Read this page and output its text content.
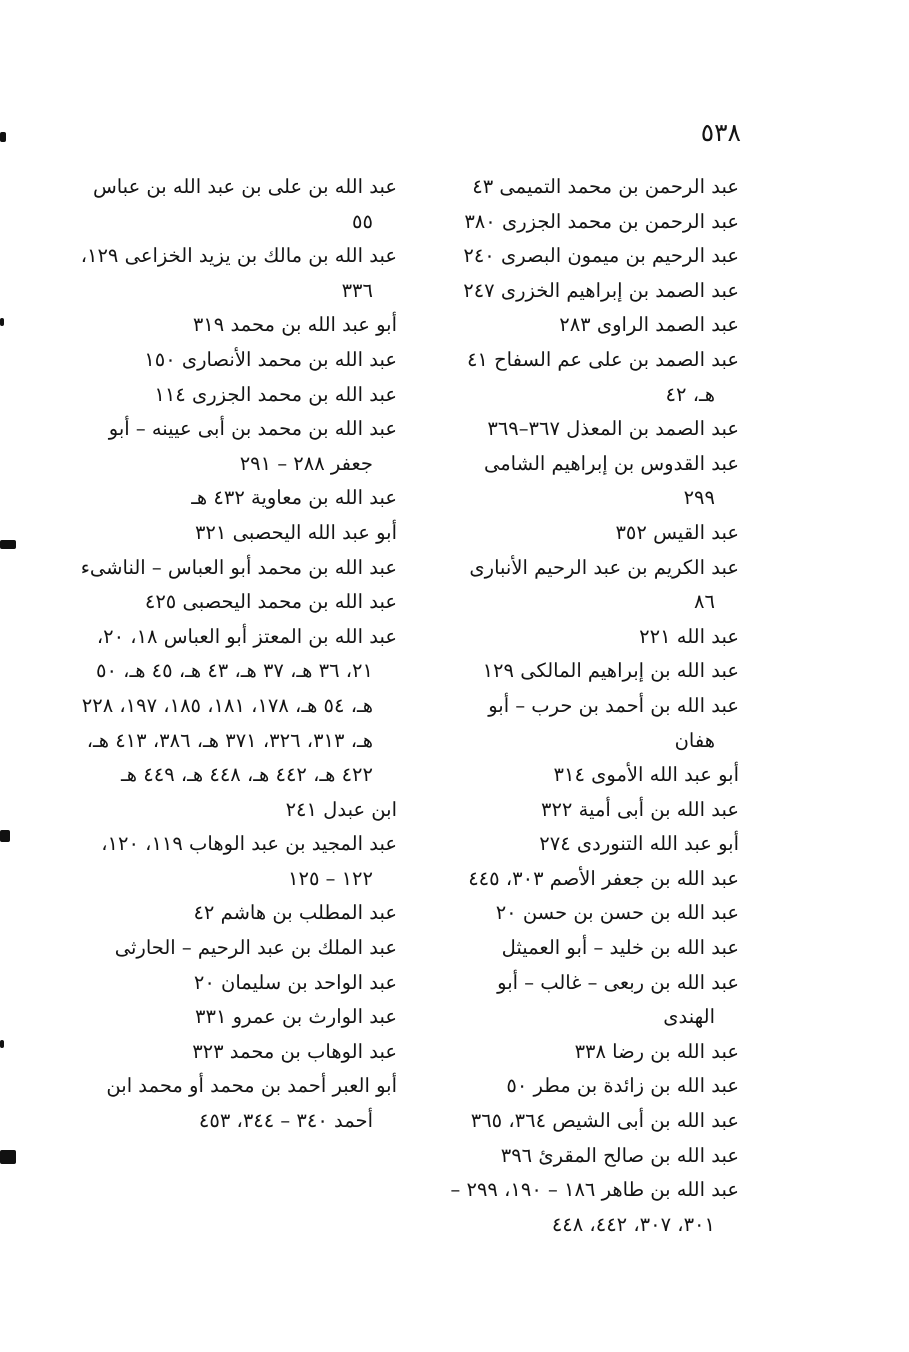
٥٣٨

عبد الرحمن بن محمد التميمى ٤٣

عبد الرحمن بن محمد الجزرى ٣٨٠

عبد الرحيم بن ميمون البصرى ٢٤٠

عبد الصمد بن إبراهيم الخزرى ٢٤٧

عبد الصمد الراوى ٢٨٣

عبد الصمد بن على عم السفاح ٤١ هـ، ٤٢

عبد الصمد بن المعذل ٣٦٧–٣٦٩

عبد القدوس بن إبراهيم الشامى ٢٩٩

عبد القيس ٣٥٢

عبد الكريم بن عبد الرحيم الأنبارى ٨٦

عبد الله ٢٢١

عبد الله بن إبراهيم المالكى ١٢٩

عبد الله بن أحمد بن حرب – أبو هفان

أبو عبد الله الأموى ٣١٤

عبد الله بن أبى أمية ٣٢٢

أبو عبد الله التنوردى ٢٧٤

عبد الله بن جعفر الأصم ٣٠٣، ٤٤٥

عبد الله بن حسن بن حسن ٢٠

عبد الله بن خليد – أبو العميثل

عبد الله بن ربعى – غالب – أبو الهندى

عبد الله بن رضا ٣٣٨

عبد الله بن زائدة بن مطر ٥٠

عبد الله بن أبى الشيص ٣٦٤، ٣٦٥

عبد الله بن صالح المقرئ ٣٩٦

عبد الله بن طاهر ١٨٦ – ١٩٠، ٢٩٩ – ٣٠١، ٣٠٧، ٤٤٢، ٤٤٨

عبد الله بن على بن عبد الله بن عباس ٥٥

عبد الله بن مالك بن يزيد الخزاعى ١٢٩، ٣٣٦

أبو عبد الله بن محمد ٣١٩

عبد الله بن محمد الأنصارى ١٥٠

عبد الله بن محمد الجزرى ١١٤

عبد الله بن محمد بن أبى عيينه – أبو جعفر ٢٨٨ – ٢٩١

عبد الله بن معاوية ٤٣٢ هـ

أبو عبد الله اليحصبى ٣٢١

عبد الله بن محمد أبو العباس – الناشىء

عبد الله بن محمد اليحصبى ٤٢٥

عبد الله بن المعتز أبو العباس ١٨، ٢٠، ٢١، ٣٦ هـ، ٣٧ هـ، ٤٣ هـ، ٤٥ هـ، ٥٠ هـ، ٥٤ هـ، ١٧٨، ١٨١، ١٨٥، ١٩٧، ٢٢٨ هـ، ٣١٣، ٣٢٦، ٣٧١ هـ، ٣٨٦، ٤١٣ هـ، ٤٢٢ هـ، ٤٤٢ هـ، ٤٤٨ هـ، ٤٤٩ هـ

ابن عبدل ٢٤١

عبد المجيد بن عبد الوهاب ١١٩، ١٢٠، ١٢٢ – ١٢٥

عبد المطلب بن هاشم ٤٢

عبد الملك بن عبد الرحيم – الحارثى

عبد الواحد بن سليمان ٢٠

عبد الوارث بن عمرو ٣٣١

عبد الوهاب بن محمد ٣٢٣

أبو العبر أحمد بن محمد أو محمد ابن أحمد ٣٤٠ – ٣٤٤، ٤٥٣
